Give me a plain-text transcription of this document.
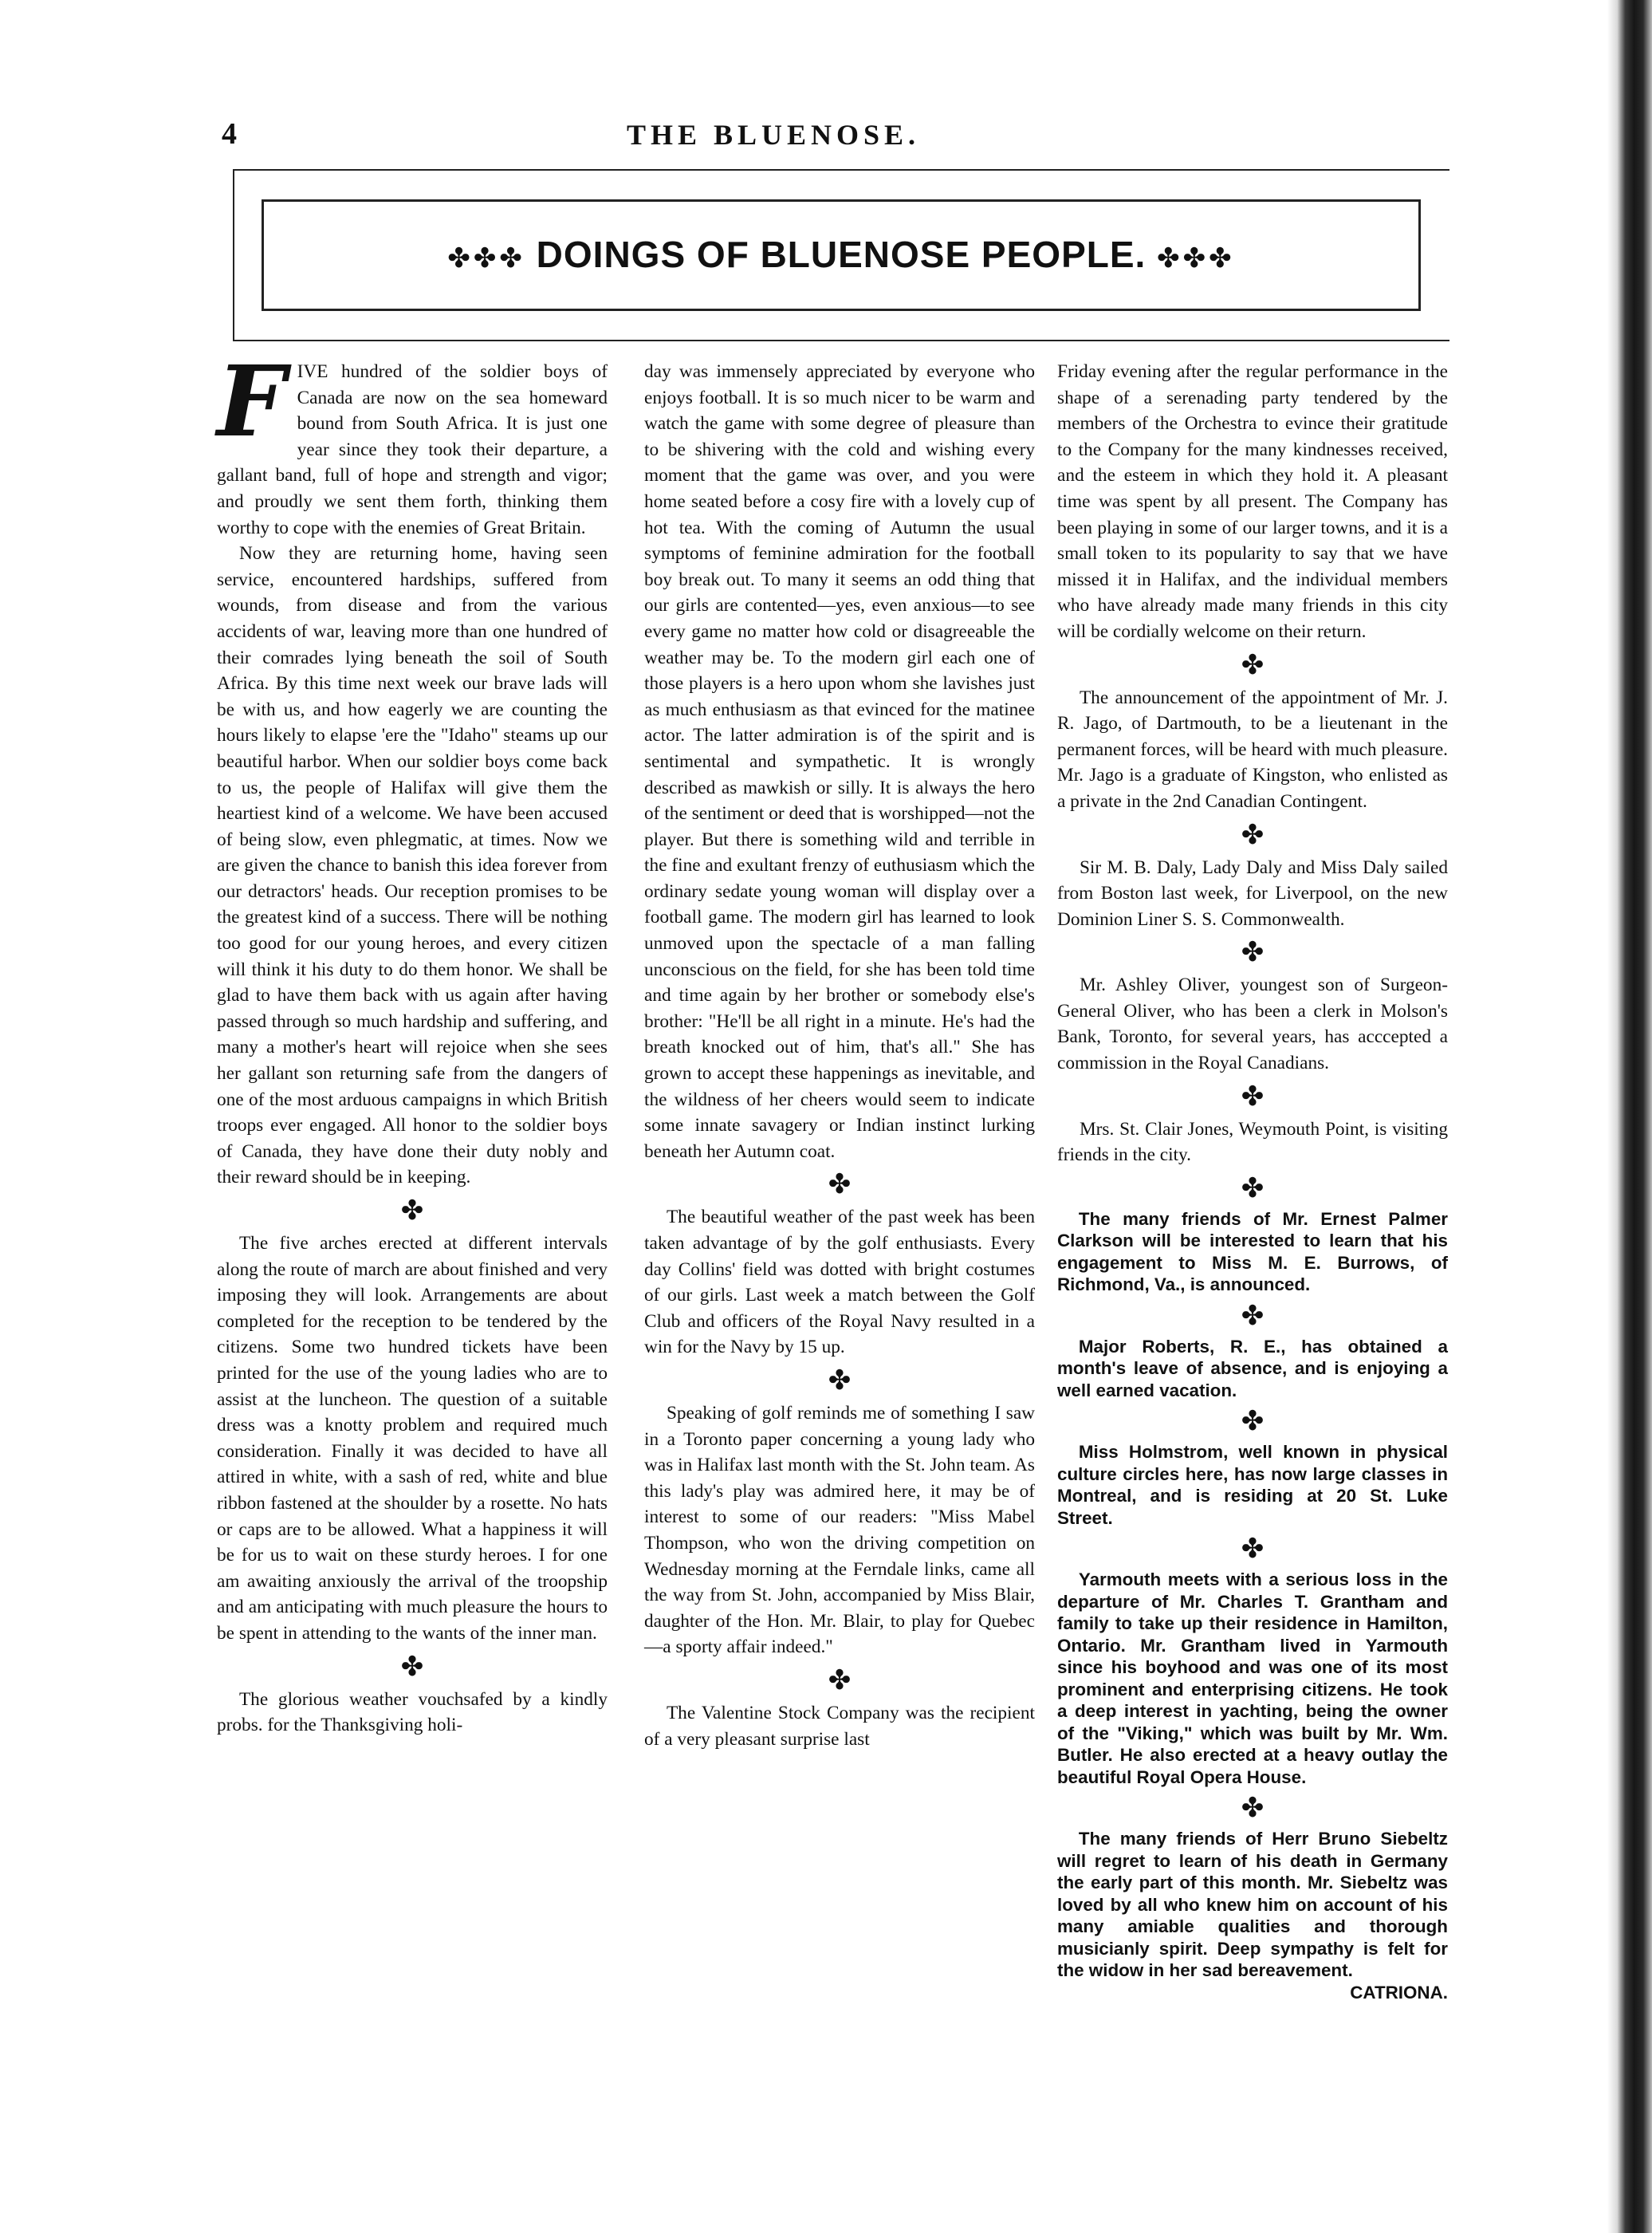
4	THE BLUENOSE.
✤✤✤ DOINGS OF BLUENOSE PEOPLE. ✤✤✤

FIVE hundred of the soldier boys of Canada are now on the sea homeward bound from South Africa. It is just one year since they took their departure, a gallant band, full of hope and strength and vigor; and proudly we sent them forth, thinking them worthy to cope with the enemies of Great Britain.

Now they are returning home, having seen service, encountered hardships, suffered from wounds, from disease and from the various accidents of war, leaving more than one hundred of their comrades lying beneath the soil of South Africa. By this time next week our brave lads will be with us, and how eagerly we are counting the hours likely to elapse 'ere the "Idaho" steams up our beautiful harbor. When our soldier boys come back to us, the people of Halifax will give them the heartiest kind of a welcome. We have been accused of being slow, even phlegmatic, at times. Now we are given the chance to banish this idea forever from our detractors' heads. Our reception promises to be the greatest kind of a success. There will be nothing too good for our young heroes, and every citizen will think it his duty to do them honor. We shall be glad to have them back with us again after having passed through so much hardship and suffering, and many a mother's heart will rejoice when she sees her gallant son returning safe from the dangers of one of the most arduous campaigns in which British troops ever engaged. All honor to the soldier boys of Canada, they have done their duty nobly and their reward should be in keeping.

✤

The five arches erected at different intervals along the route of march are about finished and very imposing they will look. Arrangements are about completed for the reception to be tendered by the citizens. Some two hundred tickets have been printed for the use of the young ladies who are to assist at the luncheon. The question of a suitable dress was a knotty problem and required much consideration. Finally it was decided to have all attired in white, with a sash of red, white and blue ribbon fastened at the shoulder by a rosette. No hats or caps are to be allowed. What a happiness it will be for us to wait on these sturdy heroes. I for one am awaiting anxiously the arrival of the troopship and am anticipating with much pleasure the hours to be spent in attending to the wants of the inner man.

✤

The glorious weather vouchsafed by a kindly probs. for the Thanksgiving holi-

day was immensely appreciated by everyone who enjoys football. It is so much nicer to be warm and watch the game with some degree of pleasure than to be shivering with the cold and wishing every moment that the game was over, and you were home seated before a cosy fire with a lovely cup of hot tea. With the coming of Autumn the usual symptoms of feminine admiration for the football boy break out. To many it seems an odd thing that our girls are contented—yes, even anxious—to see every game no matter how cold or disagreeable the weather may be. To the modern girl each one of those players is a hero upon whom she lavishes just as much enthusiasm as that evinced for the matinee actor. The latter admiration is of the spirit and is sentimental and sympathetic. It is wrongly described as mawkish or silly. It is always the hero of the sentiment or deed that is worshipped—not the player. But there is something wild and terrible in the fine and exultant frenzy of euthusiasm which the ordinary sedate young woman will display over a football game. The modern girl has learned to look unmoved upon the spectacle of a man falling unconscious on the field, for she has been told time and time again by her brother or somebody else's brother: "He'll be all right in a minute. He's had the breath knocked out of him, that's all." She has grown to accept these happenings as inevitable, and the wildness of her cheers would seem to indicate some innate savagery or Indian instinct lurking beneath her Autumn coat.

✤

The beautiful weather of the past week has been taken advantage of by the golf enthusiasts. Every day Collins' field was dotted with bright costumes of our girls. Last week a match between the Golf Club and officers of the Royal Navy resulted in a win for the Navy by 15 up.

✤

Speaking of golf reminds me of something I saw in a Toronto paper concerning a young lady who was in Halifax last month with the St. John team. As this lady's play was admired here, it may be of interest to some of our readers: "Miss Mabel Thompson, who won the driving competition on Wednesday morning at the Ferndale links, came all the way from St. John, accompanied by Miss Blair, daughter of the Hon. Mr. Blair, to play for Quebec—a sporty affair indeed."

✤

The Valentine Stock Company was the recipient of a very pleasant surprise last

Friday evening after the regular performance in the shape of a serenading party tendered by the members of the Orchestra to evince their gratitude to the Company for the many kindnesses received, and the esteem in which they hold it. A pleasant time was spent by all present. The Company has been playing in some of our larger towns, and it is a small token to its popularity to say that we have missed it in Halifax, and the individual members who have already made many friends in this city will be cordially welcome on their return.

✤

The announcement of the appointment of Mr. J. R. Jago, of Dartmouth, to be a lieutenant in the permanent forces, will be heard with much pleasure. Mr. Jago is a graduate of Kingston, who enlisted as a private in the 2nd Canadian Contingent.

✤

Sir M. B. Daly, Lady Daly and Miss Daly sailed from Boston last week, for Liverpool, on the new Dominion Liner S. S. Commonwealth.

✤

Mr. Ashley Oliver, youngest son of Surgeon-General Oliver, who has been a clerk in Molson's Bank, Toronto, for several years, has acccepted a commission in the Royal Canadians.

✤

Mrs. St. Clair Jones, Weymouth Point, is visiting friends in the city.

✤

The many friends of Mr. Ernest Palmer Clarkson will be interested to learn that his engagement to Miss M. E. Burrows, of Richmond, Va., is announced.

✤

Major Roberts, R. E., has obtained a month's leave of absence, and is enjoying a well earned vacation.

✤

Miss Holmstrom, well known in physical culture circles here, has now large classes in Montreal, and is residing at 20 St. Luke Street.

✤

Yarmouth meets with a serious loss in the departure of Mr. Charles T. Grantham and family to take up their residence in Hamilton, Ontario. Mr. Grantham lived in Yarmouth since his boyhood and was one of its most prominent and enterprising citizens. He took a deep interest in yachting, being the owner of the "Viking," which was built by Mr. Wm. Butler. He also erected at a heavy outlay the beautiful Royal Opera House.

✤

The many friends of Herr Bruno Siebeltz will regret to learn of his death in Germany the early part of this month. Mr. Siebeltz was loved by all who knew him on account of his many amiable qualities and thorough musicianly spirit. Deep sympathy is felt for the widow in her sad bereavement.
CATRIONA.
